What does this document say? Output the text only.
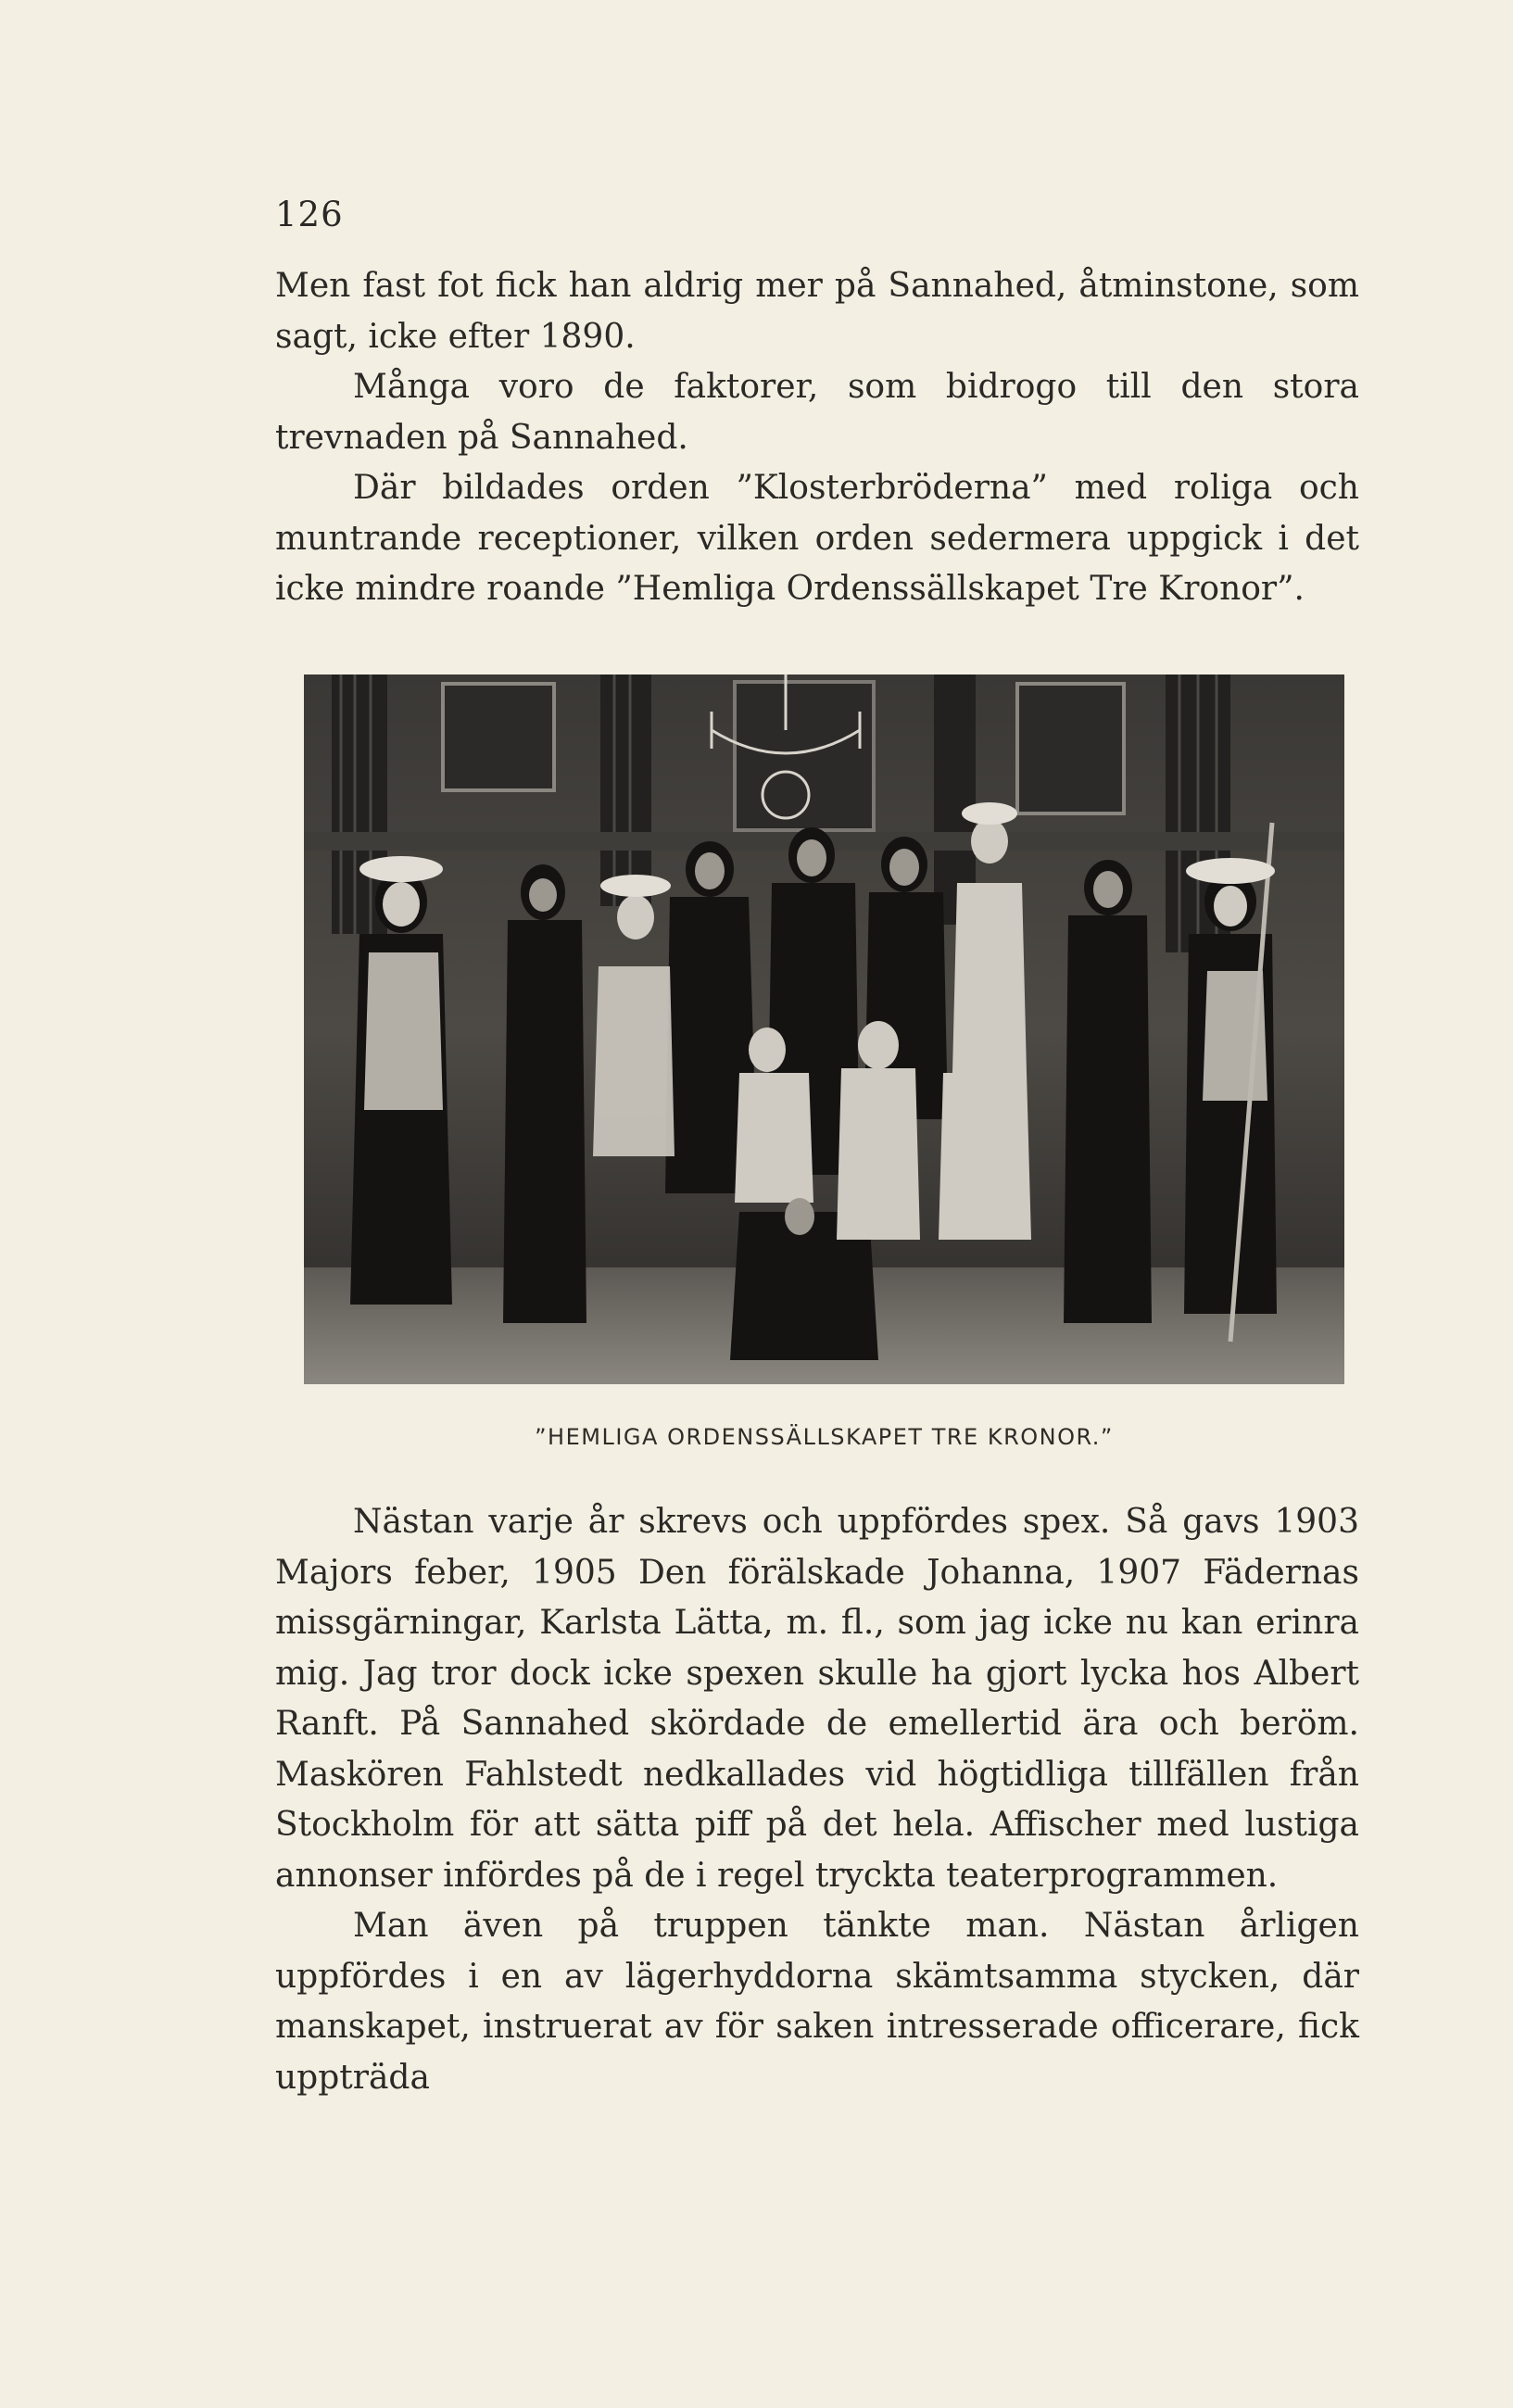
126

Men fast fot fick han aldrig mer på Sannahed, åtminstone, som sagt, icke efter 1890.

Många voro de faktorer, som bidrogo till den stora trevnaden på Sannahed.

Där bildades orden ”Klosterbröderna” med roliga och muntrande receptioner, vilken orden sedermera uppgick i det icke mindre roande ”Hemliga Ordenssällskapet Tre Kronor”.

”HEMLIGA ORDENSSÄLLSKAPET TRE KRONOR.”

Nästan varje år skrevs och uppfördes spex. Så gavs 1903 Majors feber, 1905 Den förälskade Johanna, 1907 Fädernas missgärningar, Karlsta Lätta, m. fl., som jag icke nu kan erinra mig. Jag tror dock icke spexen skulle ha gjort lycka hos Albert Ranft. På Sannahed skördade de emellertid ära och beröm. Maskören Fahlstedt nedkallades vid högtidliga tillfällen från Stockholm för att sätta piff på det hela. Affischer med lustiga annonser infördes på de i regel tryckta teaterprogrammen.

Man även på truppen tänkte man. Nästan årligen uppfördes i en av lägerhyddorna skämtsamma stycken, där manskapet, instruerat av för saken intresserade officerare, fick uppträda
